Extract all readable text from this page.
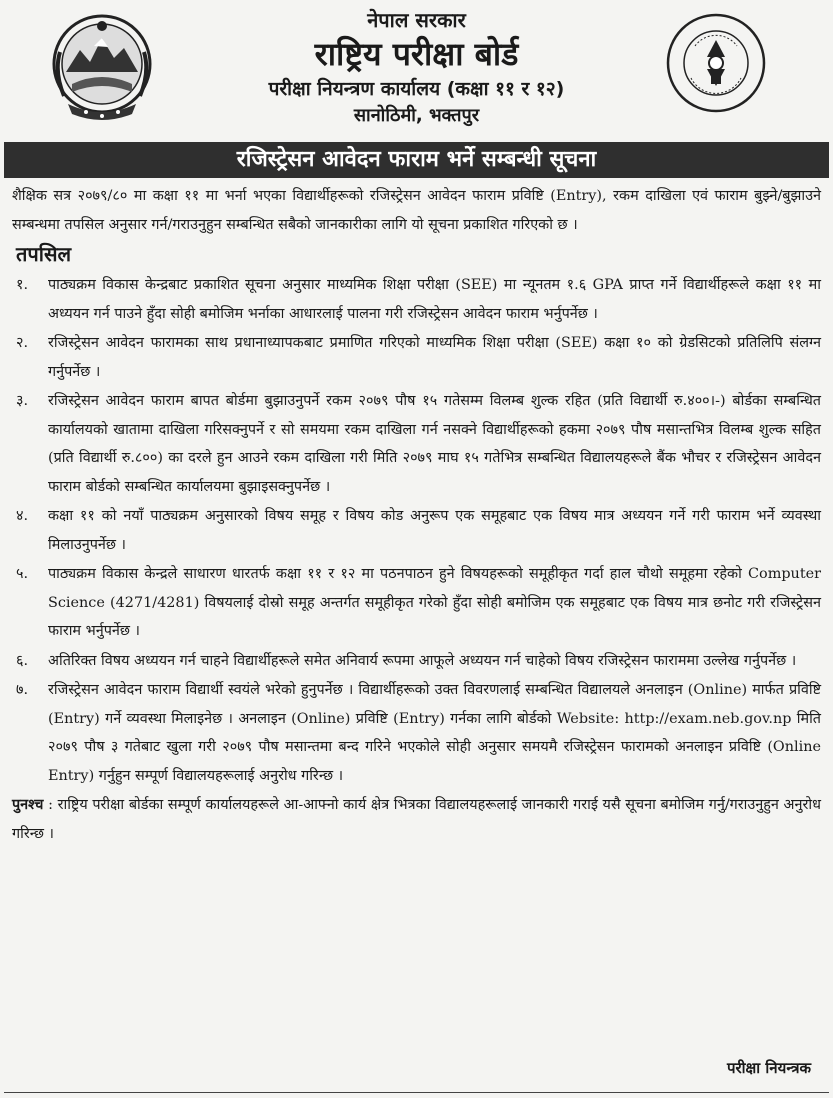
नेपाल सरकार
राष्ट्रिय परीक्षा बोर्ड
परीक्षा नियन्त्रण कार्यालय (कक्षा ११ र १२)
सानोठिमी, भक्तपुर
रजिस्ट्रेसन आवेदन फाराम भर्ने सम्बन्धी सूचना

शैक्षिक सत्र २०७९/८० मा कक्षा ११ मा भर्ना भएका विद्यार्थीहरूको रजिस्ट्रेसन आवेदन फाराम प्रविष्टि (Entry), रकम दाखिला एवं फाराम बुझ्ने/बुझाउने सम्बन्धमा तपसिल अनुसार गर्न/गराउनुहुन सम्बन्धित सबैको जानकारीका लागि यो सूचना प्रकाशित गरिएको छ ।

तपसिल
१.	पाठ्यक्रम विकास केन्द्रबाट प्रकाशित सूचना अनुसार माध्यमिक शिक्षा परीक्षा (SEE) मा न्यूनतम १.६ GPA प्राप्त गर्ने विद्यार्थीहरूले कक्षा ११ मा अध्ययन गर्न पाउने हुँदा सोही बमोजिम भर्नाका आधारलाई पालना गरी रजिस्ट्रेसन आवेदन फाराम भर्नुपर्नेछ ।
२.	रजिस्ट्रेसन आवेदन फारामका साथ प्रधानाध्यापकबाट प्रमाणित गरिएको माध्यमिक शिक्षा परीक्षा (SEE) कक्षा १० को ग्रेडसिटको प्रतिलिपि संलग्न गर्नुपर्नेछ ।
३.	रजिस्ट्रेसन आवेदन फाराम बापत बोर्डमा बुझाउनुपर्ने रकम २०७९ पौष १५ गतेसम्म विलम्ब शुल्क रहित (प्रति विद्यार्थी रु.४००।-) बोर्डका सम्बन्धित कार्यालयको खातामा दाखिला गरिसक्नुपर्ने र सो समयमा रकम दाखिला गर्न नसक्ने विद्यार्थीहरूको हकमा २०७९ पौष मसान्तभित्र विलम्ब शुल्क सहित (प्रति विद्यार्थी रु.८००) का दरले हुन आउने रकम दाखिला गरी मिति २०७९ माघ १५ गतेभित्र सम्बन्धित विद्यालयहरूले बैंक भौचर र रजिस्ट्रेसन आवेदन फाराम बोर्डको सम्बन्धित कार्यालयमा बुझाइसक्नुपर्नेछ ।
४.	कक्षा ११ को नयाँ पाठ्यक्रम अनुसारको विषय समूह र विषय कोड अनुरूप एक समूहबाट एक विषय मात्र अध्ययन गर्ने गरी फाराम भर्ने व्यवस्था मिलाउनुपर्नेछ ।
५.	पाठ्यक्रम विकास केन्द्रले साधारण धारतर्फ कक्षा ११ र १२ मा पठनपाठन हुने विषयहरूको समूहीकृत गर्दा हाल चौथो समूहमा रहेको Computer Science (4271/4281) विषयलाई दोस्रो समूह अन्तर्गत समूहीकृत गरेको हुँदा सोही बमोजिम एक समूहबाट एक विषय मात्र छनोट गरी रजिस्ट्रेसन फाराम भर्नुपर्नेछ ।
६.	अतिरिक्त विषय अध्ययन गर्न चाहने विद्यार्थीहरूले समेत अनिवार्य रूपमा आफूले अध्ययन गर्न चाहेको विषय रजिस्ट्रेसन फाराममा उल्लेख गर्नुपर्नेछ ।
७.	रजिस्ट्रेसन आवेदन फाराम विद्यार्थी स्वयंले भरेको हुनुपर्नेछ । विद्यार्थीहरूको उक्त विवरणलाई सम्बन्धित विद्यालयले अनलाइन (Online) मार्फत प्रविष्टि (Entry) गर्ने व्यवस्था मिलाइनेछ । अनलाइन (Online) प्रविष्टि (Entry) गर्नका लागि बोर्डको Website: http://exam.neb.gov.np मिति २०७९ पौष ३ गतेबाट खुला गरी २०७९ पौष मसान्तमा बन्द गरिने भएकोले सोही अनुसार समयमै रजिस्ट्रेसन फारामको अनलाइन प्रविष्टि (Online Entry) गर्नुहुन सम्पूर्ण विद्यालयहरूलाई अनुरोध गरिन्छ ।

पुनश्च : राष्ट्रिय परीक्षा बोर्डका सम्पूर्ण कार्यालयहरूले आ-आफ्नो कार्य क्षेत्र भित्रका विद्यालयहरूलाई जानकारी गराई यसै सूचना बमोजिम गर्नु/गराउनुहुन अनुरोध गरिन्छ ।

परीक्षा नियन्त्रक
